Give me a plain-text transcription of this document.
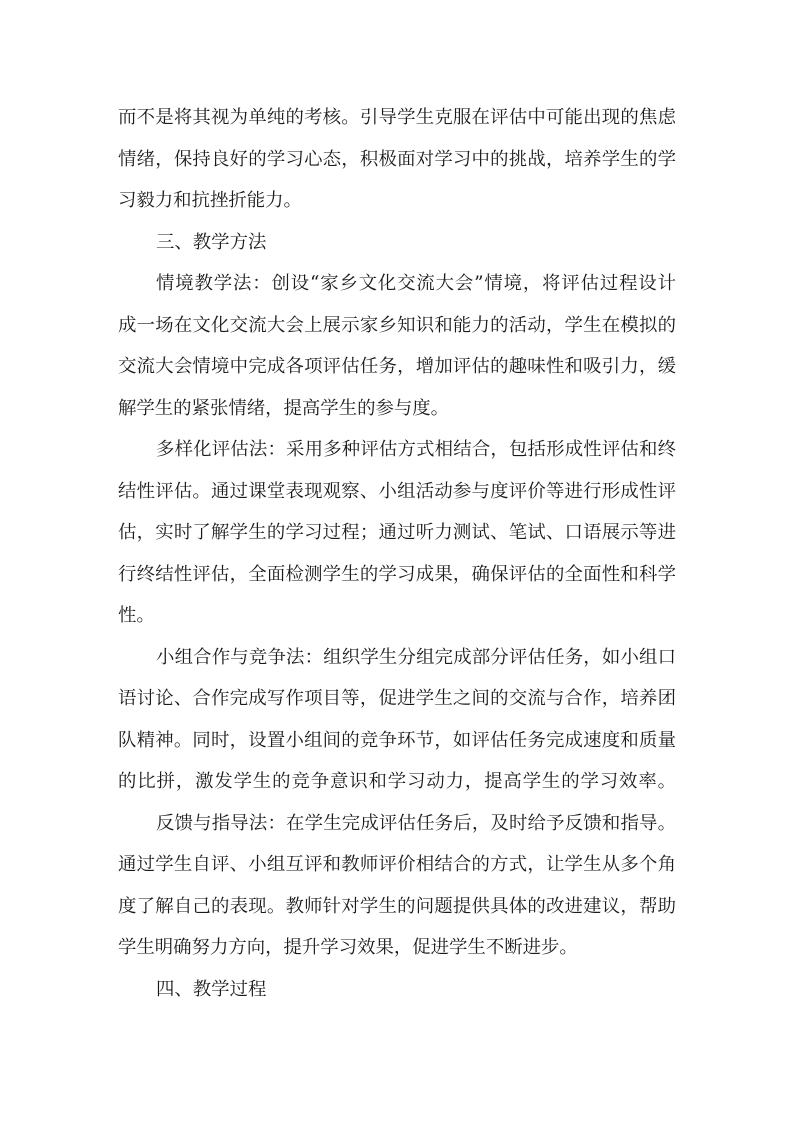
而不是将其视为单纯的考核。引导学生克服在评估中可能出现的焦虑
情绪，保持良好的学习心态，积极面对学习中的挑战，培养学生的学
习毅力和抗挫折能力。
三、教学方法
情境教学法：创设“家乡文化交流大会”情境，将评估过程设计
成一场在文化交流大会上展示家乡知识和能力的活动，学生在模拟的
交流大会情境中完成各项评估任务，增加评估的趣味性和吸引力，缓
解学生的紧张情绪，提高学生的参与度。
多样化评估法：采用多种评估方式相结合，包括形成性评估和终
结性评估。通过课堂表现观察、小组活动参与度评价等进行形成性评
估，实时了解学生的学习过程；通过听力测试、笔试、口语展示等进
行终结性评估，全面检测学生的学习成果，确保评估的全面性和科学
性。
小组合作与竞争法：组织学生分组完成部分评估任务，如小组口
语讨论、合作完成写作项目等，促进学生之间的交流与合作，培养团
队精神。同时，设置小组间的竞争环节，如评估任务完成速度和质量
的比拼，激发学生的竞争意识和学习动力，提高学生的学习效率。
反馈与指导法：在学生完成评估任务后，及时给予反馈和指导。
通过学生自评、小组互评和教师评价相结合的方式，让学生从多个角
度了解自己的表现。教师针对学生的问题提供具体的改进建议，帮助
学生明确努力方向，提升学习效果，促进学生不断进步。
四、教学过程
